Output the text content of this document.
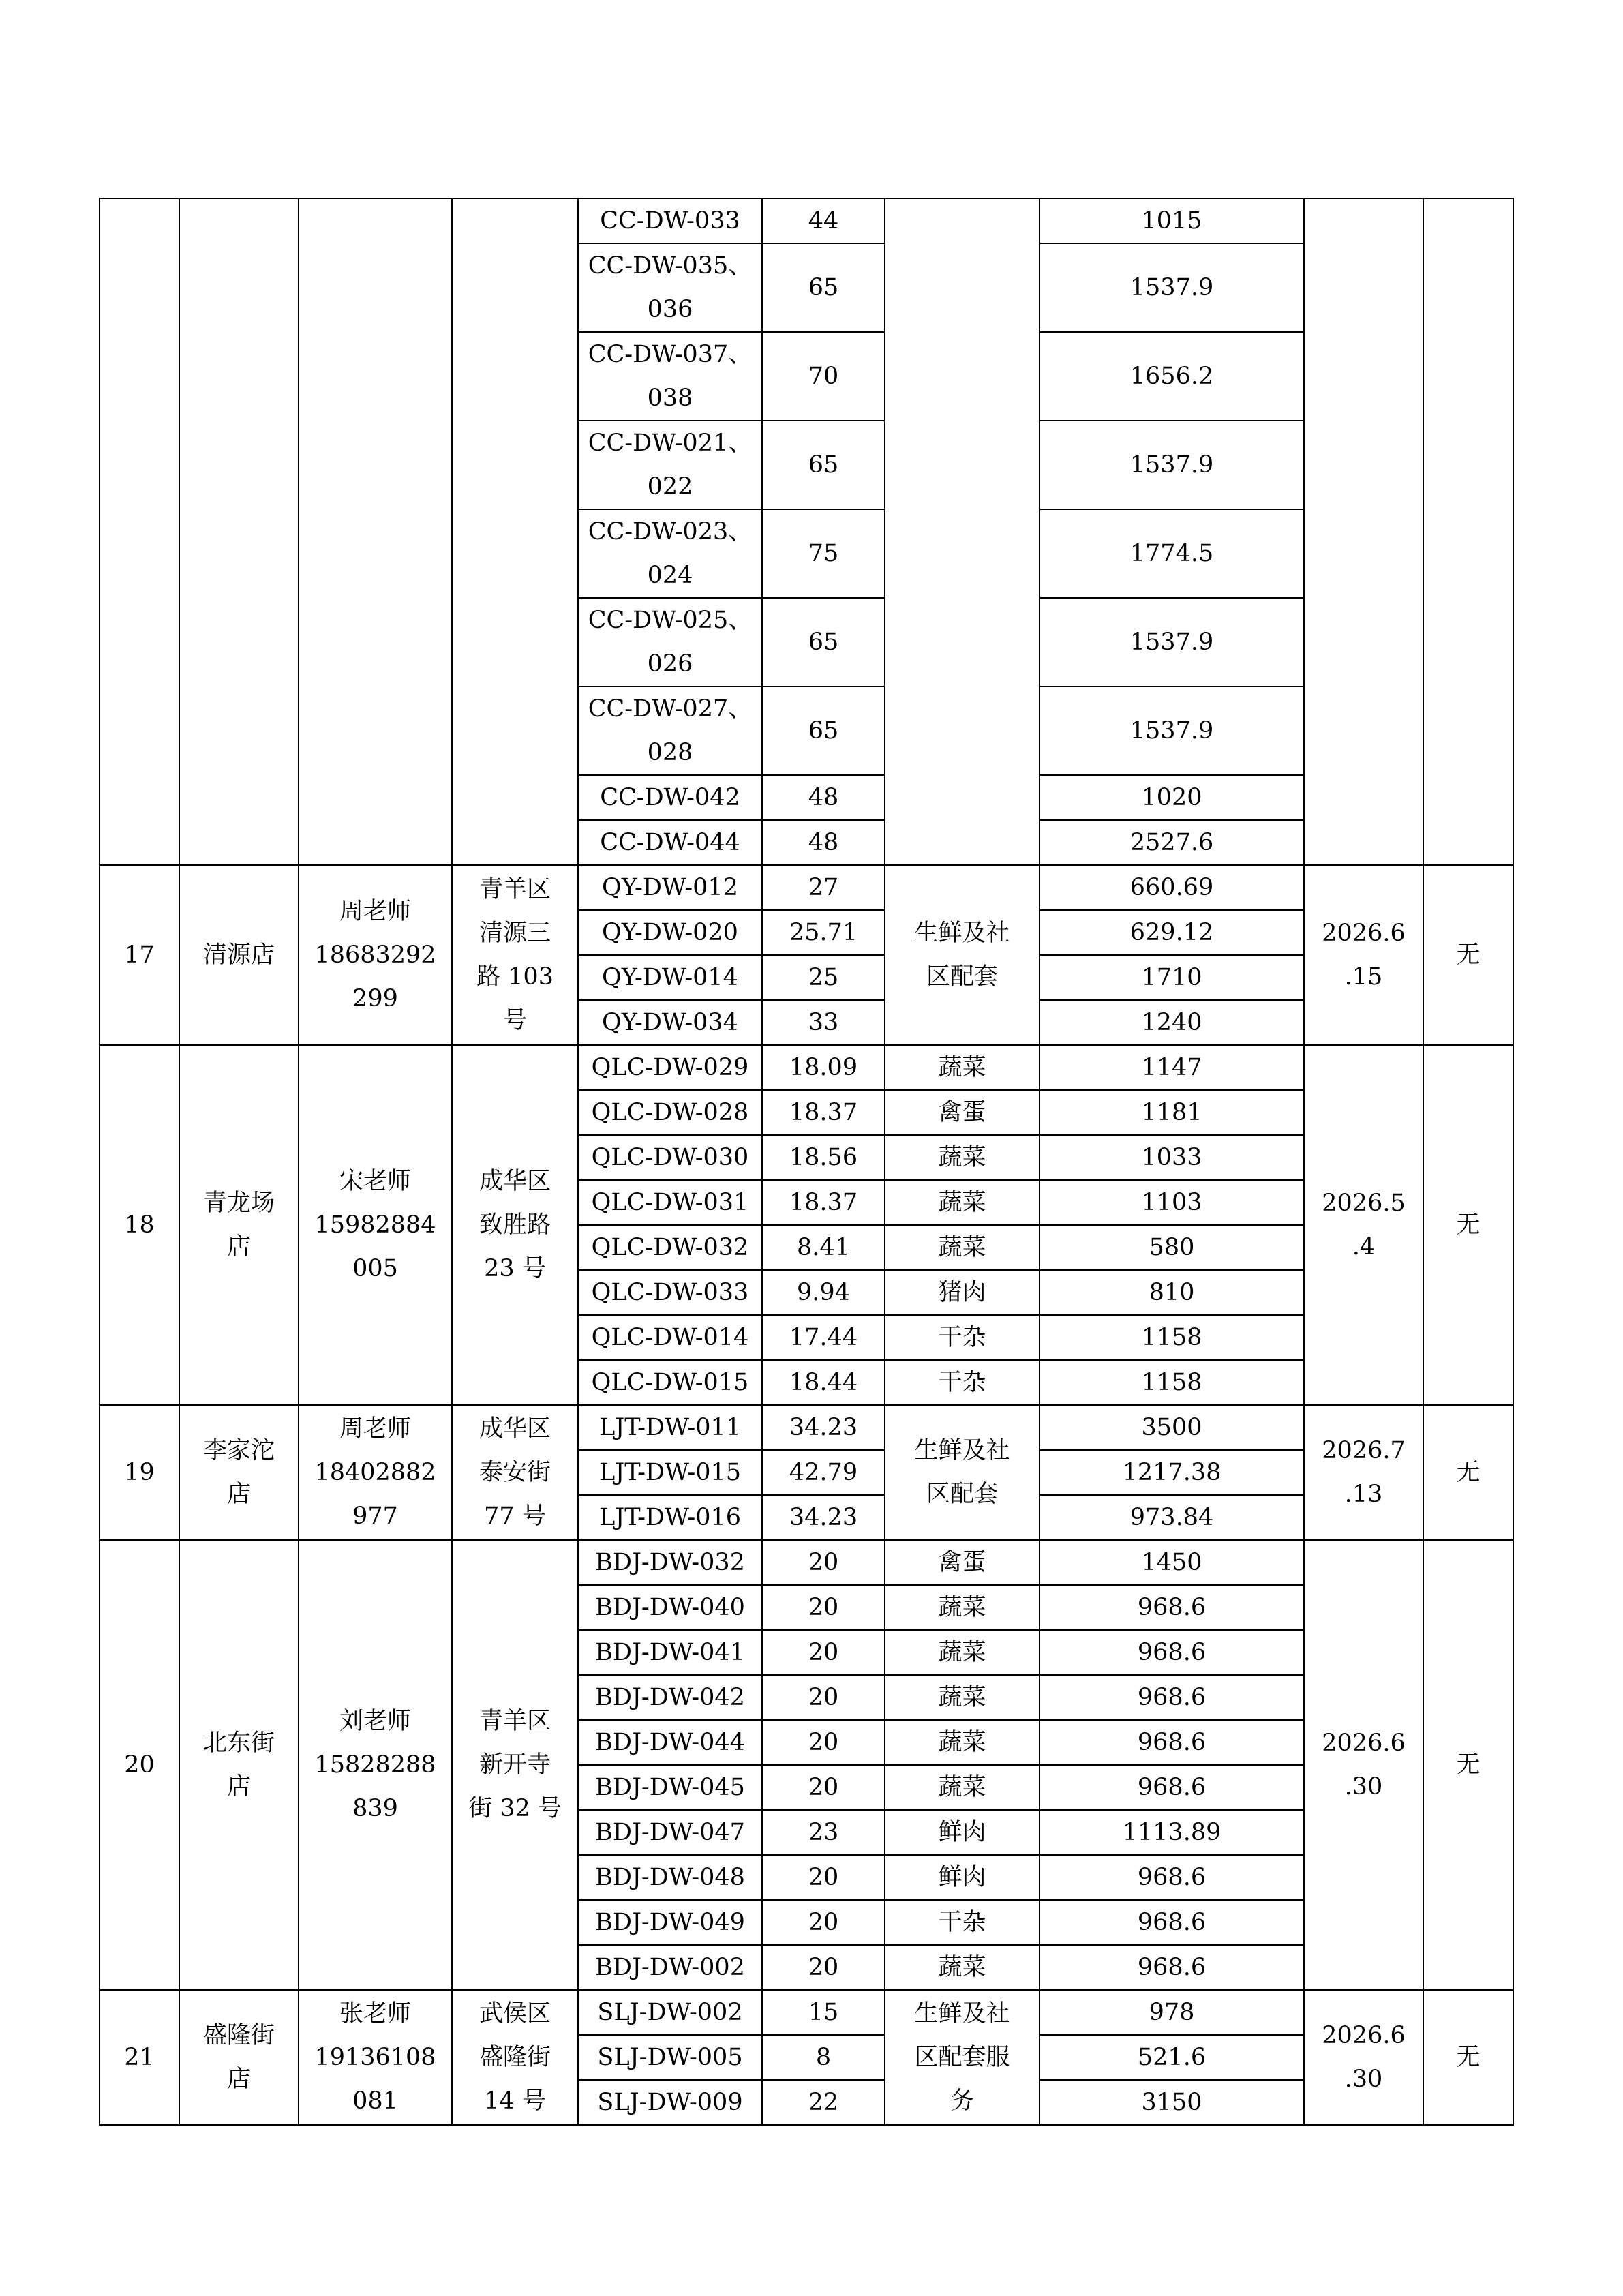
				CC-DW-033	44		1015		

				CC-DW-035、
036	65		1537.9		

				CC-DW-037、
038	70		1656.2		

				CC-DW-021、
022	65		1537.9		

				CC-DW-023、
024	75		1774.5		

				CC-DW-025、
026	65		1537.9		

				CC-DW-027、
028	65		1537.9		
				CC-DW-042	48		1020		
				CC-DW-044	48		2527.6		
17	清源店	周老师
18683292
299	青羊区
清源三
路 103
号	QY-DW-012	27	生鲜及社
区配套	660.69	2026.6
.15	无
				QY-DW-020	25.71		629.12		
				QY-DW-014	25		1710		
				QY-DW-034	33		1240		
18	青龙场
店	宋老师
15982884
005	成华区
致胜路
23 号	QLC-DW-029	18.09	蔬菜	1147	2026.5
.4	无
				QLC-DW-028	18.37	禽蛋	1181		
				QLC-DW-030	18.56	蔬菜	1033		
				QLC-DW-031	18.37	蔬菜	1103		
				QLC-DW-032	8.41	蔬菜	580		
				QLC-DW-033	9.94	猪肉	810		
				QLC-DW-014	17.44	干杂	1158		
				QLC-DW-015	18.44	干杂	1158		
19	李家沱
店	周老师
18402882
977	成华区
泰安街
77 号	LJT-DW-011	34.23	生鲜及社
区配套	3500	2026.7
.13	无
				LJT-DW-015	42.79		1217.38		
				LJT-DW-016	34.23		973.84		
20	北东街
店	刘老师
15828288
839	青羊区
新开寺
街 32 号	BDJ-DW-032	20	禽蛋	1450	2026.6
.30	无
				BDJ-DW-040	20	蔬菜	968.6		
				BDJ-DW-041	20	蔬菜	968.6		
				BDJ-DW-042	20	蔬菜	968.6		
				BDJ-DW-044	20	蔬菜	968.6		
				BDJ-DW-045	20	蔬菜	968.6		
				BDJ-DW-047	23	鲜肉	1113.89		
				BDJ-DW-048	20	鲜肉	968.6		
				BDJ-DW-049	20	干杂	968.6		
				BDJ-DW-002	20	蔬菜	968.6		
21	盛隆街
店	张老师
19136108
081	武侯区
盛隆街
14 号	SLJ-DW-002	15	生鲜及社
区配套服
务	978	2026.6
.30	无
				SLJ-DW-005	8		521.6		
				SLJ-DW-009	22		3150		
